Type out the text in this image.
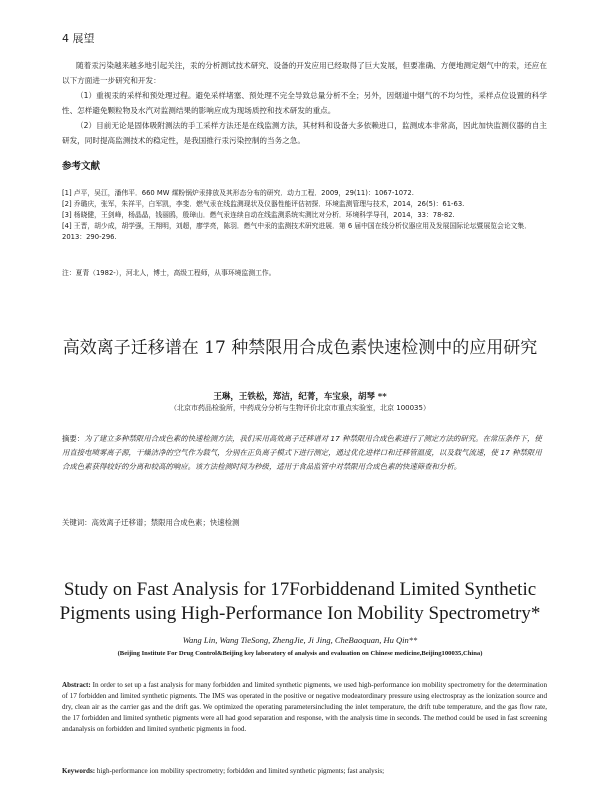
4 展望

随着汞污染越来越多地引起关注，汞的分析测试技术研究、设备的开发应用已经取得了巨大发展，但要准确、方便地测定烟气中的汞，还应在以下方面进一步研究和开发：

（1）重视汞的采样和预处理过程。避免采样堵塞、预处理不完全导致总量分析不全；另外，因烟道中烟气的不均匀性，采样点位设置的科学性、怎样避免颗粒物及水汽对监测结果的影响应成为现场质控和技术研发的重点。

（2）目前无论是固体吸附测法的手工采样方法还是在线监测方法，其材料和设备大多依赖进口，监测成本非常高，因此加快监测仪器的自主研发，同时提高监测技术的稳定性，是我国推行汞污染控制的当务之急。

参考文献
[1] 卢平，吴江，潘伟平．660 MW 煤粉锅炉汞排放及其形态分布的研究．动力工程．2009，29(11)：1067-1072.
[2] 乔璐庆，张军，朱祥平，白军凯，李斐．燃气汞在线监测现状及仪器性能评估初探．环境监测管理与技术，2014，26(5)：61-63.
[3] 杨晓健，王剑峰，杨晶晶，钱丽鸥，殷璋山．燃气汞连续自动在线监测系统实测比对分析．环境科学导刊，2014，33：78-82.
[4] 王晋，胡少成，胡学强，王翔明，刘超，廖学亮，陈羽．燃气中汞的监测技术研究进展．第 6 届中国在线分析仪器应用及发展国际论坛暨展览会论文集．2013：290-296.
注：夏青（1982-），河北人，博士，高级工程师，从事环境监测工作。
高效离子迁移谱在 17 种禁限用合成色素快速检测中的应用研究
王琳，王铁松，郑洁，纪菁，车宝泉，胡琴 **
（北京市药品检验所，中药成分分析与生物评价北京市重点实验室，北京 100035）

摘要：为了建立多种禁限用合成色素的快速检测方法，我们采用高效离子迁移谱对 17 种禁限用合成色素进行了测定方法的研究。在常压条件下，使用直接电喷雾离子源，干燥洁净的空气作为载气，分别在正负离子模式下进行测定，通过优化进样口和迁移管温度，以及载气流速，使 17 种禁限用合成色素获得较好的分离和较高的响应。该方法检测时间为秒级，适用于食品监管中对禁限用合成色素的快速筛查和分析。

关键词：高效离子迁移谱；禁限用合成色素；快速检测
Study on Fast Analysis for 17Forbiddenand Limited Synthetic Pigments using High-Performance Ion Mobility Spectrometry*
Wang Lin, Wang TieSong, ZhengJie, Ji Jing, CheBaoquan, Hu Qin**
(Beijing Institute For Drug Control&Beijing key laboratory of analysis and evaluation on Chinese medicine,Beijing100035,China)

Abstract: In order to set up a fast analysis for many forbidden and limited synthetic pigments, we used high-performance ion mobility spectrometry for the determination of 17 forbidden and limited synthetic pigments. The IMS was operated in the positive or negative modeatordinary pressure using electrospray as the ionization source and dry, clean air as the carrier gas and the drift gas. We optimized the operating parametersincluding the inlet temperature, the drift tube temperature, and the gas flow rate, the 17 forbidden and limited synthetic pigments were all had good separation and response, with the analysis time in seconds. The method could be used in fast screening andanalysis on forbidden and limited synthetic pigments in food.

Keywords: high-performance ion mobility spectrometry; forbidden and limited synthetic pigments; fast analysis;
